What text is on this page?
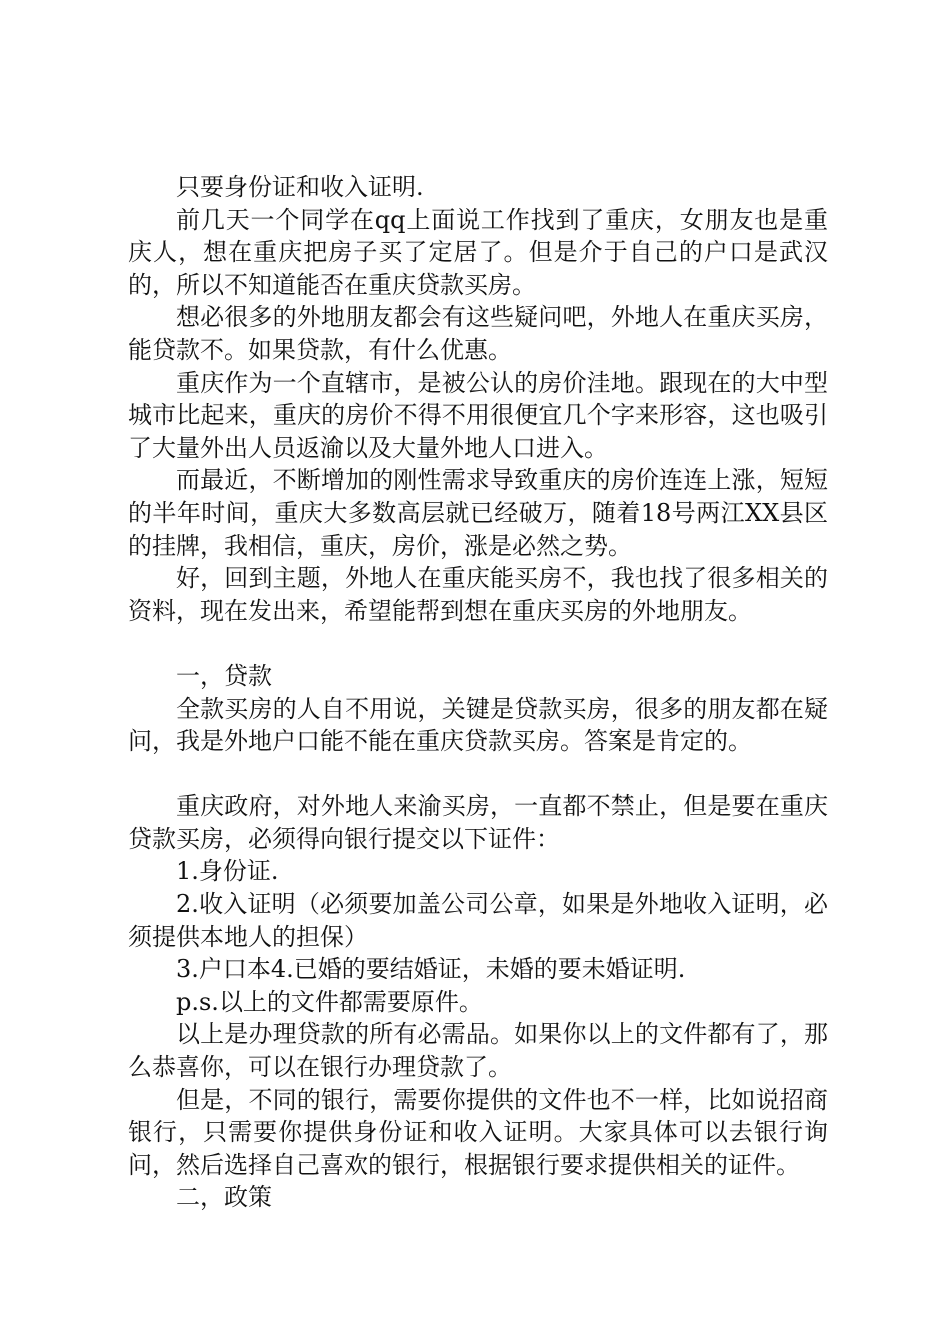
只要身份证和收入证明.

前几天一个同学在qq上面说工作找到了重庆，女朋友也是重庆人，想在重庆把房子买了定居了。但是介于自己的户口是武汉的，所以不知道能否在重庆贷款买房。

想必很多的外地朋友都会有这些疑问吧，外地人在重庆买房，能贷款不。如果贷款，有什么优惠。

重庆作为一个直辖市，是被公认的房价洼地。跟现在的大中型城市比起来，重庆的房价不得不用很便宜几个字来形容，这也吸引了大量外出人员返渝以及大量外地人口进入。

而最近，不断增加的刚性需求导致重庆的房价连连上涨，短短的半年时间，重庆大多数高层就已经破万，随着18号两江XX县区的挂牌，我相信，重庆，房价，涨是必然之势。

好，回到主题，外地人在重庆能买房不，我也找了很多相关的资料，现在发出来，希望能帮到想在重庆买房的外地朋友。

一，贷款

全款买房的人自不用说，关键是贷款买房，很多的朋友都在疑问，我是外地户口能不能在重庆贷款买房。答案是肯定的。

重庆政府，对外地人来渝买房，一直都不禁止，但是要在重庆贷款买房，必须得向银行提交以下证件：

1.身份证.

2.收入证明（必须要加盖公司公章，如果是外地收入证明，必须提供本地人的担保）

3.户口本4.已婚的要结婚证，未婚的要未婚证明.

p.s.以上的文件都需要原件。

以上是办理贷款的所有必需品。如果你以上的文件都有了，那么恭喜你，可以在银行办理贷款了。

但是，不同的银行，需要你提供的文件也不一样，比如说招商银行，只需要你提供身份证和收入证明。大家具体可以去银行询问，然后选择自己喜欢的银行，根据银行要求提供相关的证件。

二，政策
